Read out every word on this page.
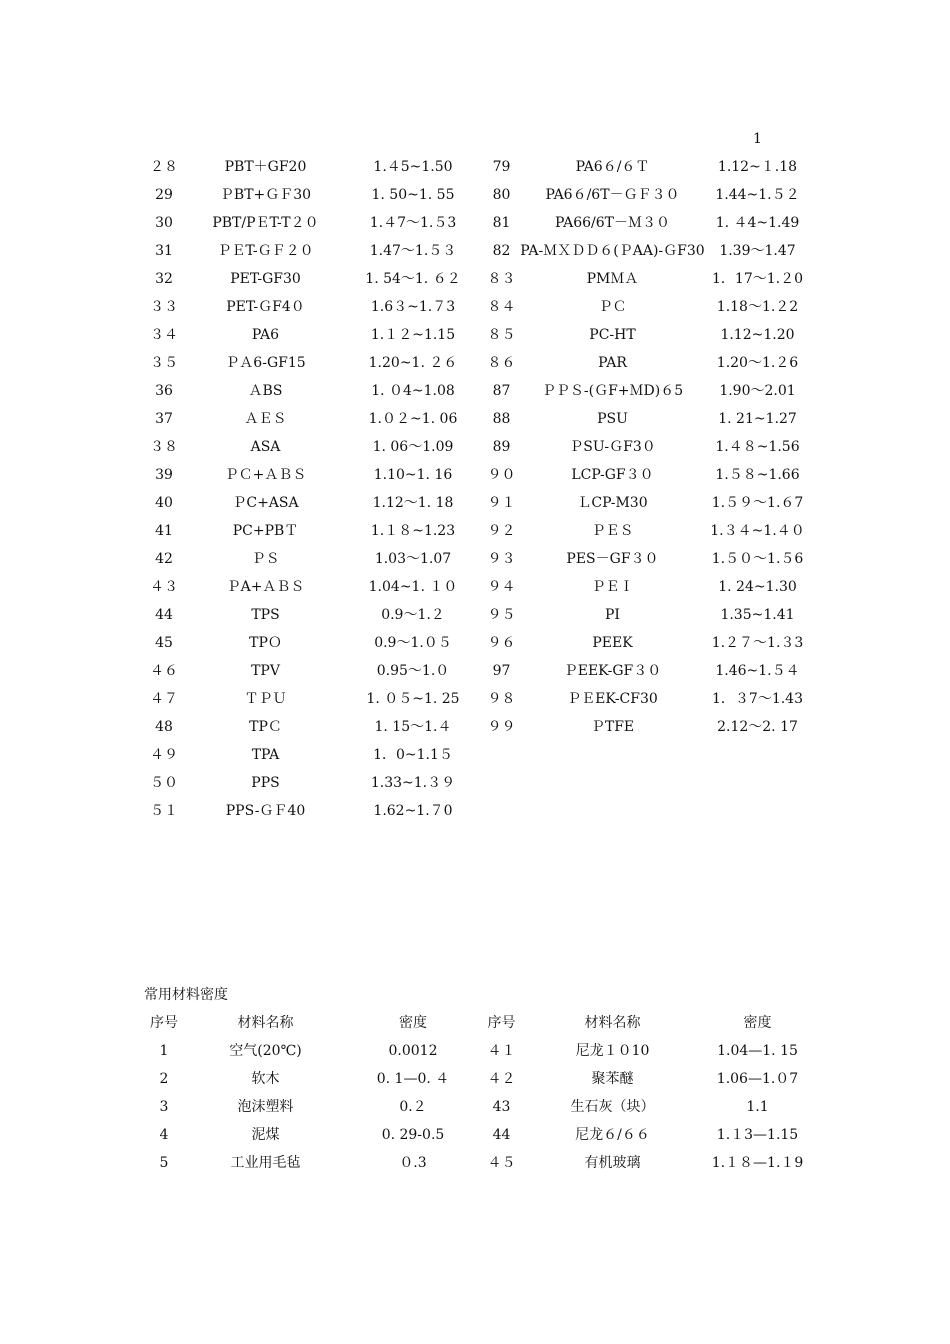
					1
２８	PBT＋GF20	1.４5~1.50	79	PA6６/６Ｔ	1.12~１.18
29	ＰBT+ＧＦ30	1. 50~1. 55	80	PA6６/6T－ＧＦ３０	1.44~1.５２
30	PBT/PＥT-T２０	1.４7～1.５3	81	PA66/6T－Ｍ３０	1. ４4~1.49
31	ＰＥT-ＧＦ２０	1.47～1.５３	82	PA-ＭＸＤＤ６(ＰAA)-ＧF30	1.39～1.47
32	PET-GF30	1. 54～1. ６２	８３	PMＭＡ	1．17～1.２0
３３	PET-ＧF4０	1.6３~1.７3	８４	ＰＣ	1.18～1.２2
３４	PA6	1.１２~1.15	８５	PC-HT	1.12~1.20
３５	ＰＡ6-GF15	1.20~1. ２６	８６	PAR	1.20～1.２6
36	ＡBS	1. ０4~1.08	87	ＰＰＳ-(ＧF+ＭD)６5	1.90～2.01
37	ＡＥＳ	1.０２~1. 06	88	PSU	1. 21~1.27
３８	ASA	1. 06～1.09	89	ＰSU-ＧF3０	1.４８~1.56
39	ＰＣ+ＡＢＳ	1.10~1. 16	９０	LCP-GF３０	1.５８~1.66
40	ＰC+ASA	1.12～1. 18	９１	ＬCP-M30	1.５９～1.６7
41	PC+PBＴ	1.１８~1.23	９２	ＰＥＳ	1.３４~1.４０
42	ＰＳ	1.03～1.07	９３	PES－GF３０	1.５０～1.５6
４３	ＰA+ＡＢＳ	1.04~1. １０	９４	ＰＥＩ	1. 24~1.30
44	TPS	0.9～1.２	９５	PI	1.35~1.41
45	TPＯ	0.9～1.０５	９６	PEEK	1.２７～1.３3
４６	TPV	0.95～1.０	97	ＰEEK-GF３０	1.46~1.５４
４７	ＴＰＵ	1. ０５~1. 25	９８	ＰＥEK-CF30	1．３7～1.43
48	TPＣ	1. 15～1.４	９９	ＰTFE	2.12～2. 17
４９	TPA	1．0~1.1５			
５０	PPS	1.33~1.３９			
５１	PPS-ＧＦ40	1.62~1.７0			
常用材料密度
序号	材料名称	密度	序号	材料名称	密度
1	空气(20℃)	0.0012	４１	尼龙１０10	1.04—1. 15
2	软木	0. 1—0. ４	４２	聚苯醚	1.06—1.０7
3	泡沫塑料	0.２	43	生石灰（块）	1.1
4	泥煤	0. 29-0.5	44	尼龙６/６６	1.１3—1.15
5	工业用毛毡	０.3	４５	有机玻璃	1.１８—1.１9
